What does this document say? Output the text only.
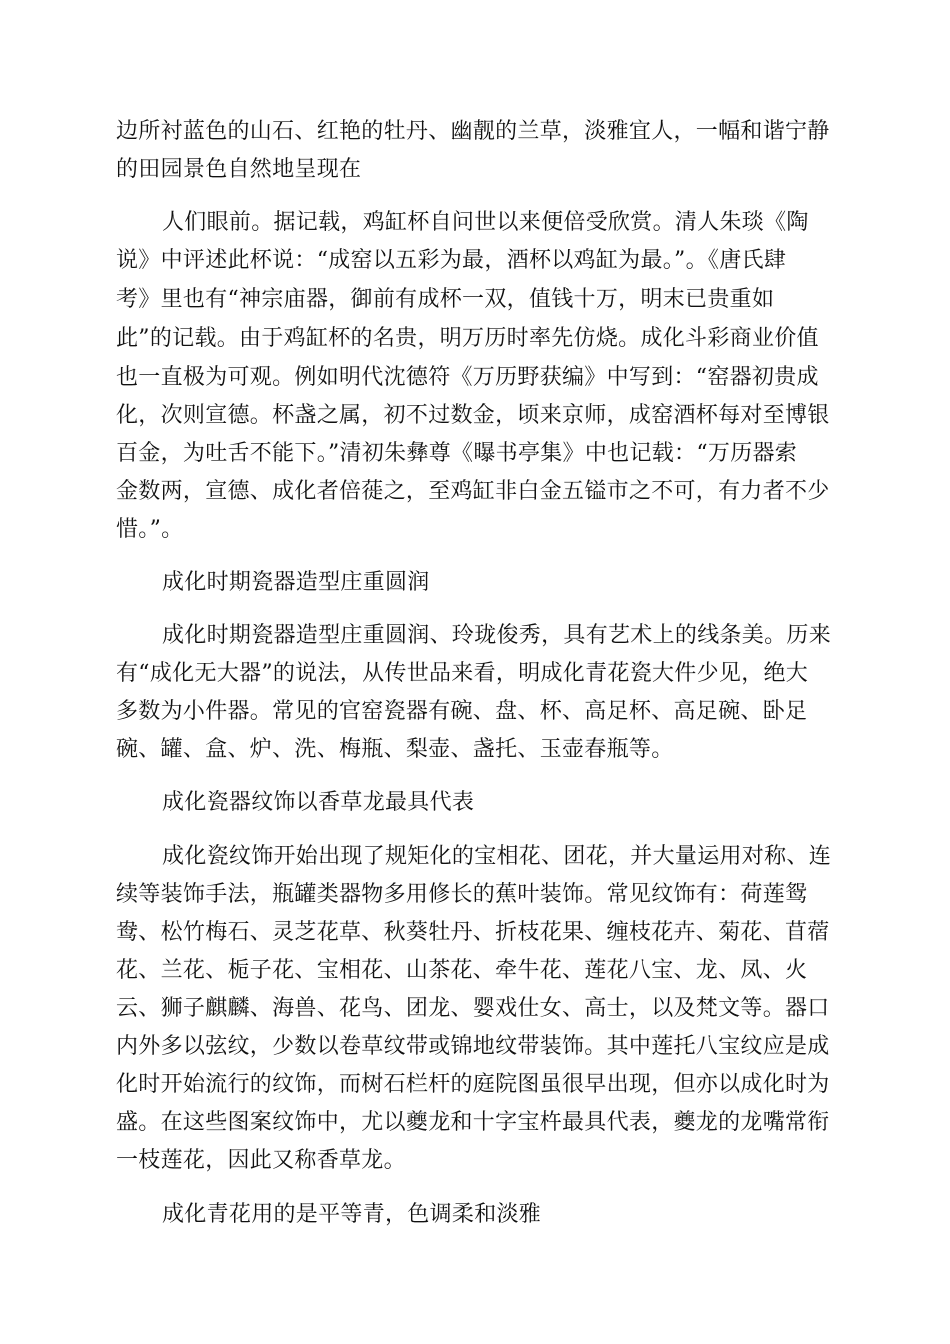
边所衬蓝色的山石、红艳的牡丹、幽靓的兰草，淡雅宜人，一幅和谐宁静
的田园景色自然地呈现在
人们眼前。据记载，鸡缸杯自问世以来便倍受欣赏。清人朱琰《陶
说》中评述此杯说：“成窑以五彩为最，酒杯以鸡缸为最。”。《唐氏肆
考》里也有“神宗庙器，御前有成杯一双，值钱十万，明末已贵重如
此”的记载。由于鸡缸杯的名贵，明万历时率先仿烧。成化斗彩商业价值
也一直极为可观。例如明代沈德符《万历野获编》中写到：“窑器初贵成
化，次则宣德。杯盏之属，初不过数金，顷来京师，成窑酒杯每对至博银
百金，为吐舌不能下。”清初朱彝尊《曝书亭集》中也记载：“万历器索
金数两，宣德、成化者倍蓰之，至鸡缸非白金五镒市之不可，有力者不少
惜。”。
成化时期瓷器造型庄重圆润
成化时期瓷器造型庄重圆润、玲珑俊秀，具有艺术上的线条美。历来
有“成化无大器”的说法，从传世品来看，明成化青花瓷大件少见，绝大
多数为小件器。常见的官窑瓷器有碗、盘、杯、高足杯、高足碗、卧足
碗、罐、盒、炉、洗、梅瓶、梨壶、盏托、玉壶春瓶等。
成化瓷器纹饰以香草龙最具代表
成化瓷纹饰开始出现了规矩化的宝相花、团花，并大量运用对称、连
续等装饰手法，瓶罐类器物多用修长的蕉叶装饰。常见纹饰有：荷莲鸳
鸯、松竹梅石、灵芝花草、秋葵牡丹、折枝花果、缠枝花卉、菊花、苜蓿
花、兰花、栀子花、宝相花、山茶花、牵牛花、莲花八宝、龙、凤、火
云、狮子麒麟、海兽、花鸟、团龙、婴戏仕女、高士，以及梵文等。器口
内外多以弦纹，少数以卷草纹带或锦地纹带装饰。其中莲托八宝纹应是成
化时开始流行的纹饰，而树石栏杆的庭院图虽很早出现，但亦以成化时为
盛。在这些图案纹饰中，尤以夔龙和十字宝杵最具代表，夔龙的龙嘴常衔
一枝莲花，因此又称香草龙。
成化青花用的是平等青，色调柔和淡雅
